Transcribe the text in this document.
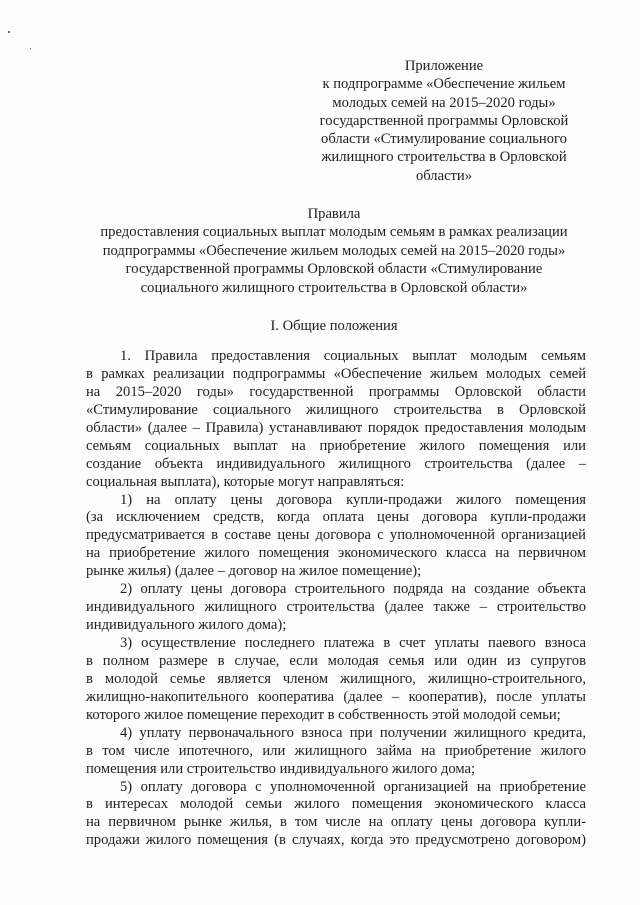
Приложение
к подпрограмме «Обеспечение жильем
молодых семей на 2015–2020 годы»
государственной программы Орловской
области «Стимулирование социального
жилищного строительства в Орловской
области»
Правила
предоставления социальных выплат молодым семьям в рамках реализации
подпрограммы «Обеспечение жильем молодых семей на 2015–2020 годы»
государственной программы Орловской области «Стимулирование
социального жилищного строительства в Орловской области»
I. Общие положения
1. Правила предоставления социальных выплат молодым семьям
в рамках реализации подпрограммы «Обеспечение жильем молодых семей
на 2015–2020 годы» государственной программы Орловской области
«Стимулирование социального жилищного строительства в Орловской
области» (далее – Правила) устанавливают порядок предоставления молодым
семьям социальных выплат на приобретение жилого помещения или
создание объекта индивидуального жилищного строительства (далее –
социальная выплата), которые могут направляться:
1) на оплату цены договора купли-продажи жилого помещения
(за исключением средств, когда оплата цены договора купли-продажи
предусматривается в составе цены договора с уполномоченной организацией
на приобретение жилого помещения экономического класса на первичном
рынке жилья) (далее – договор на жилое помещение);
2) оплату цены договора строительного подряда на создание объекта
индивидуального жилищного строительства (далее также – строительство
индивидуального жилого дома);
3) осуществление последнего платежа в счет уплаты паевого взноса
в полном размере в случае, если молодая семья или один из супругов
в молодой семье является членом жилищного, жилищно-строительного,
жилищно-накопительного кооператива (далее – кооператив), после уплаты
которого жилое помещение переходит в собственность этой молодой семьи;
4) уплату первоначального взноса при получении жилищного кредита,
в том числе ипотечного, или жилищного займа на приобретение жилого
помещения или строительство индивидуального жилого дома;
5) оплату договора с уполномоченной организацией на приобретение
в интересах молодой семьи жилого помещения экономического класса
на первичном рынке жилья, в том числе на оплату цены договора купли-
продажи жилого помещения (в случаях, когда это предусмотрено договором)
